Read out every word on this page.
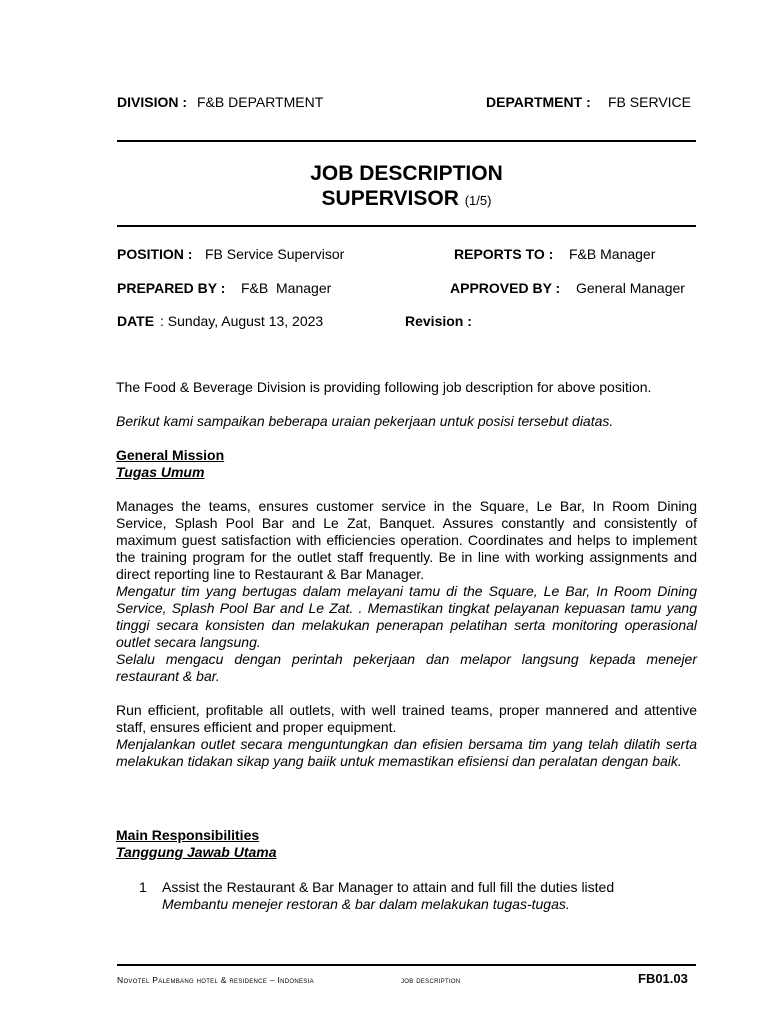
DIVISION : F&B DEPARTMENT	DEPARTMENT : FB SERVICE
JOB DESCRIPTION
SUPERVISOR (1/5)
POSITION : FB Service Supervisor	REPORTS TO : F&B Manager
PREPARED BY : F&B  Manager	APPROVED BY : General Manager
DATE : Sunday, August 13, 2023	Revision :
The Food & Beverage Division is providing following job description for above position.
Berikut kami sampaikan beberapa uraian pekerjaan untuk posisi tersebut diatas.
General Mission
Tugas Umum
Manages the teams, ensures customer service in the Square, Le Bar, In Room Dining Service, Splash Pool Bar and Le Zat, Banquet. Assures constantly and consistently of maximum guest satisfaction with efficiencies operation. Coordinates and helps to implement the training program for the outlet staff frequently. Be in line with working assignments and direct reporting line to Restaurant & Bar Manager.
Mengatur tim yang bertugas dalam melayani tamu di the Square, Le Bar, In Room Dining Service, Splash Pool Bar and Le Zat. . Memastikan tingkat pelayanan kepuasan tamu yang tinggi secara konsisten dan melakukan penerapan pelatihan serta monitoring operasional outlet secara langsung.
Selalu mengacu dengan perintah pekerjaan dan melapor langsung kepada menejer restaurant & bar.
Run efficient, profitable all outlets, with well trained teams, proper mannered and attentive staff, ensures efficient and proper equipment.
Menjalankan outlet secara menguntungkan dan efisien bersama tim yang telah dilatih serta melakukan tidakan sikap yang baiik untuk memastikan efisiensi dan peralatan dengan baik.
Main Responsibilities
Tanggung Jawab Utama
1 Assist the Restaurant & Bar Manager to attain and full fill the duties listed
Membantu menejer restoran & bar dalam melakukan tugas-tugas.
Novotel Palembang hotel & residence – Indonesia	job description	FB01.03
